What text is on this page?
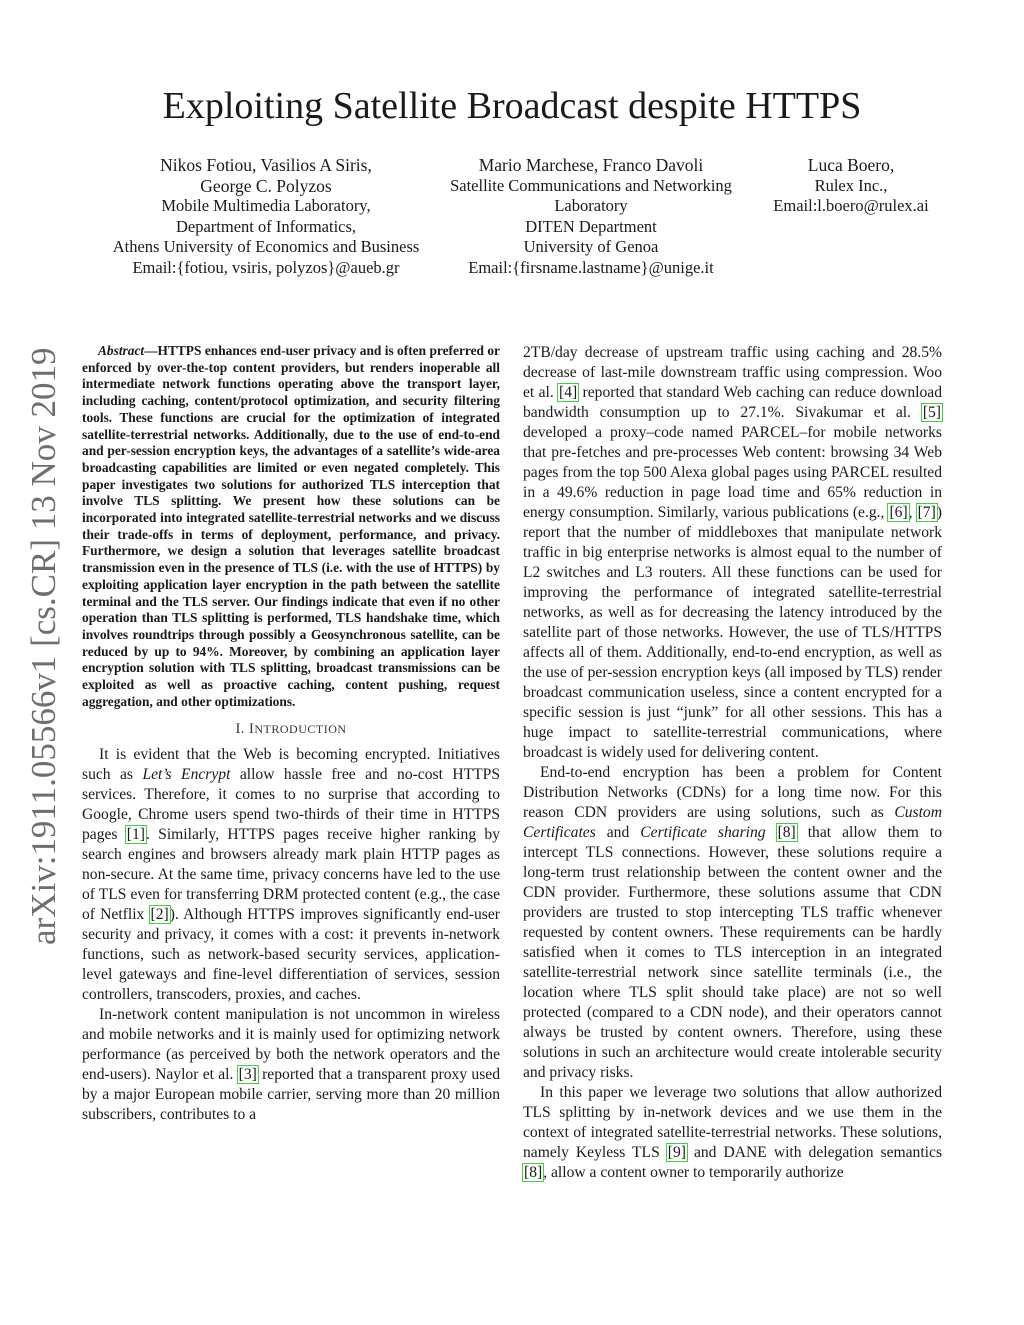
Exploiting Satellite Broadcast despite HTTPS
Nikos Fotiou, Vasilios A Siris,
George C. Polyzos
Mobile Multimedia Laboratory,
Department of Informatics,
Athens University of Economics and Business
Email:{fotiou, vsiris, polyzos}@aueb.gr
Mario Marchese, Franco Davoli
Satellite Communications and Networking
Laboratory
DITEN Department
University of Genoa
Email:{firsname.lastname}@unige.it
Luca Boero,
Rulex Inc.,
Email:l.boero@rulex.ai
arXiv:1911.05566v1 [cs.CR] 13 Nov 2019	Abstract—HTTPS enhances end-user privacy and is often preferred or enforced by over-the-top content providers, but renders inoperable all intermediate network functions operating above the transport layer, including caching, content/protocol optimization, and security filtering tools. These functions are crucial for the optimization of integrated satellite-terrestrial networks. Additionally, due to the use of end-to-end and per-session encryption keys, the advantages of a satellite’s wide-area broadcasting capabilities are limited or even negated completely. This paper investigates two solutions for authorized TLS interception that involve TLS splitting. We present how these solutions can be incorporated into integrated satellite-terrestrial networks and we discuss their trade-offs in terms of deployment, performance, and privacy. Furthermore, we design a solution that leverages satellite broadcast transmission even in the presence of TLS (i.e. with the use of HTTPS) by exploiting application layer encryption in the path between the satellite terminal and the TLS server. Our findings indicate that even if no other operation than TLS splitting is performed, TLS handshake time, which involves roundtrips through possibly a Geosynchronous satellite, can be reduced by up to 94%. Moreover, by combining an application layer encryption solution with TLS splitting, broadcast transmissions can be exploited as well as proactive caching, content pushing, request aggregation, and other optimizations.

I. INTRODUCTION

It is evident that the Web is becoming encrypted. Initiatives such as Let’s Encrypt allow hassle free and no-cost HTTPS services. Therefore, it comes to no surprise that according to Google, Chrome users spend two-thirds of their time in HTTPS pages [1]. Similarly, HTTPS pages receive higher ranking by search engines and browsers already mark plain HTTP pages as non-secure. At the same time, privacy concerns have led to the use of TLS even for transferring DRM protected content (e.g., the case of Netflix [2]). Although HTTPS improves significantly end-user security and privacy, it comes with a cost: it prevents in-network functions, such as network-based security services, application-level gateways and fine-level differentiation of services, session controllers, transcoders, proxies, and caches.

In-network content manipulation is not uncommon in wireless and mobile networks and it is mainly used for optimizing network performance (as perceived by both the network operators and the end-users). Naylor et al. [3] reported that a transparent proxy used by a major European mobile carrier, serving more than 20 million subscribers, contributes to a

2TB/day decrease of upstream traffic using caching and 28.5% decrease of last-mile downstream traffic using compression. Woo et al. [4] reported that standard Web caching can reduce download bandwidth consumption up to 27.1%. Sivakumar et al. [5] developed a proxy–code named PARCEL–for mobile networks that pre-fetches and pre-processes Web content: browsing 34 Web pages from the top 500 Alexa global pages using PARCEL resulted in a 49.6% reduction in page load time and 65% reduction in energy consumption. Similarly, various publications (e.g., [6], [7]) report that the number of middleboxes that manipulate network traffic in big enterprise networks is almost equal to the number of L2 switches and L3 routers. All these functions can be used for improving the performance of integrated satellite-terrestrial networks, as well as for decreasing the latency introduced by the satellite part of those networks. However, the use of TLS/HTTPS affects all of them. Additionally, end-to-end encryption, as well as the use of per-session encryption keys (all imposed by TLS) render broadcast communication useless, since a content encrypted for a specific session is just “junk” for all other sessions. This has a huge impact to satellite-terrestrial communications, where broadcast is widely used for delivering content.

End-to-end encryption has been a problem for Content Distribution Networks (CDNs) for a long time now. For this reason CDN providers are using solutions, such as Custom Certificates and Certificate sharing [8] that allow them to intercept TLS connections. However, these solutions require a long-term trust relationship between the content owner and the CDN provider. Furthermore, these solutions assume that CDN providers are trusted to stop intercepting TLS traffic whenever requested by content owners. These requirements can be hardly satisfied when it comes to TLS interception in an integrated satellite-terrestrial network since satellite terminals (i.e., the location where TLS split should take place) are not so well protected (compared to a CDN node), and their operators cannot always be trusted by content owners. Therefore, using these solutions in such an architecture would create intolerable security and privacy risks.

In this paper we leverage two solutions that allow authorized TLS splitting by in-network devices and we use them in the context of integrated satellite-terrestrial networks. These solutions, namely Keyless TLS [9] and DANE with delegation semantics [8], allow a content owner to temporarily authorize
